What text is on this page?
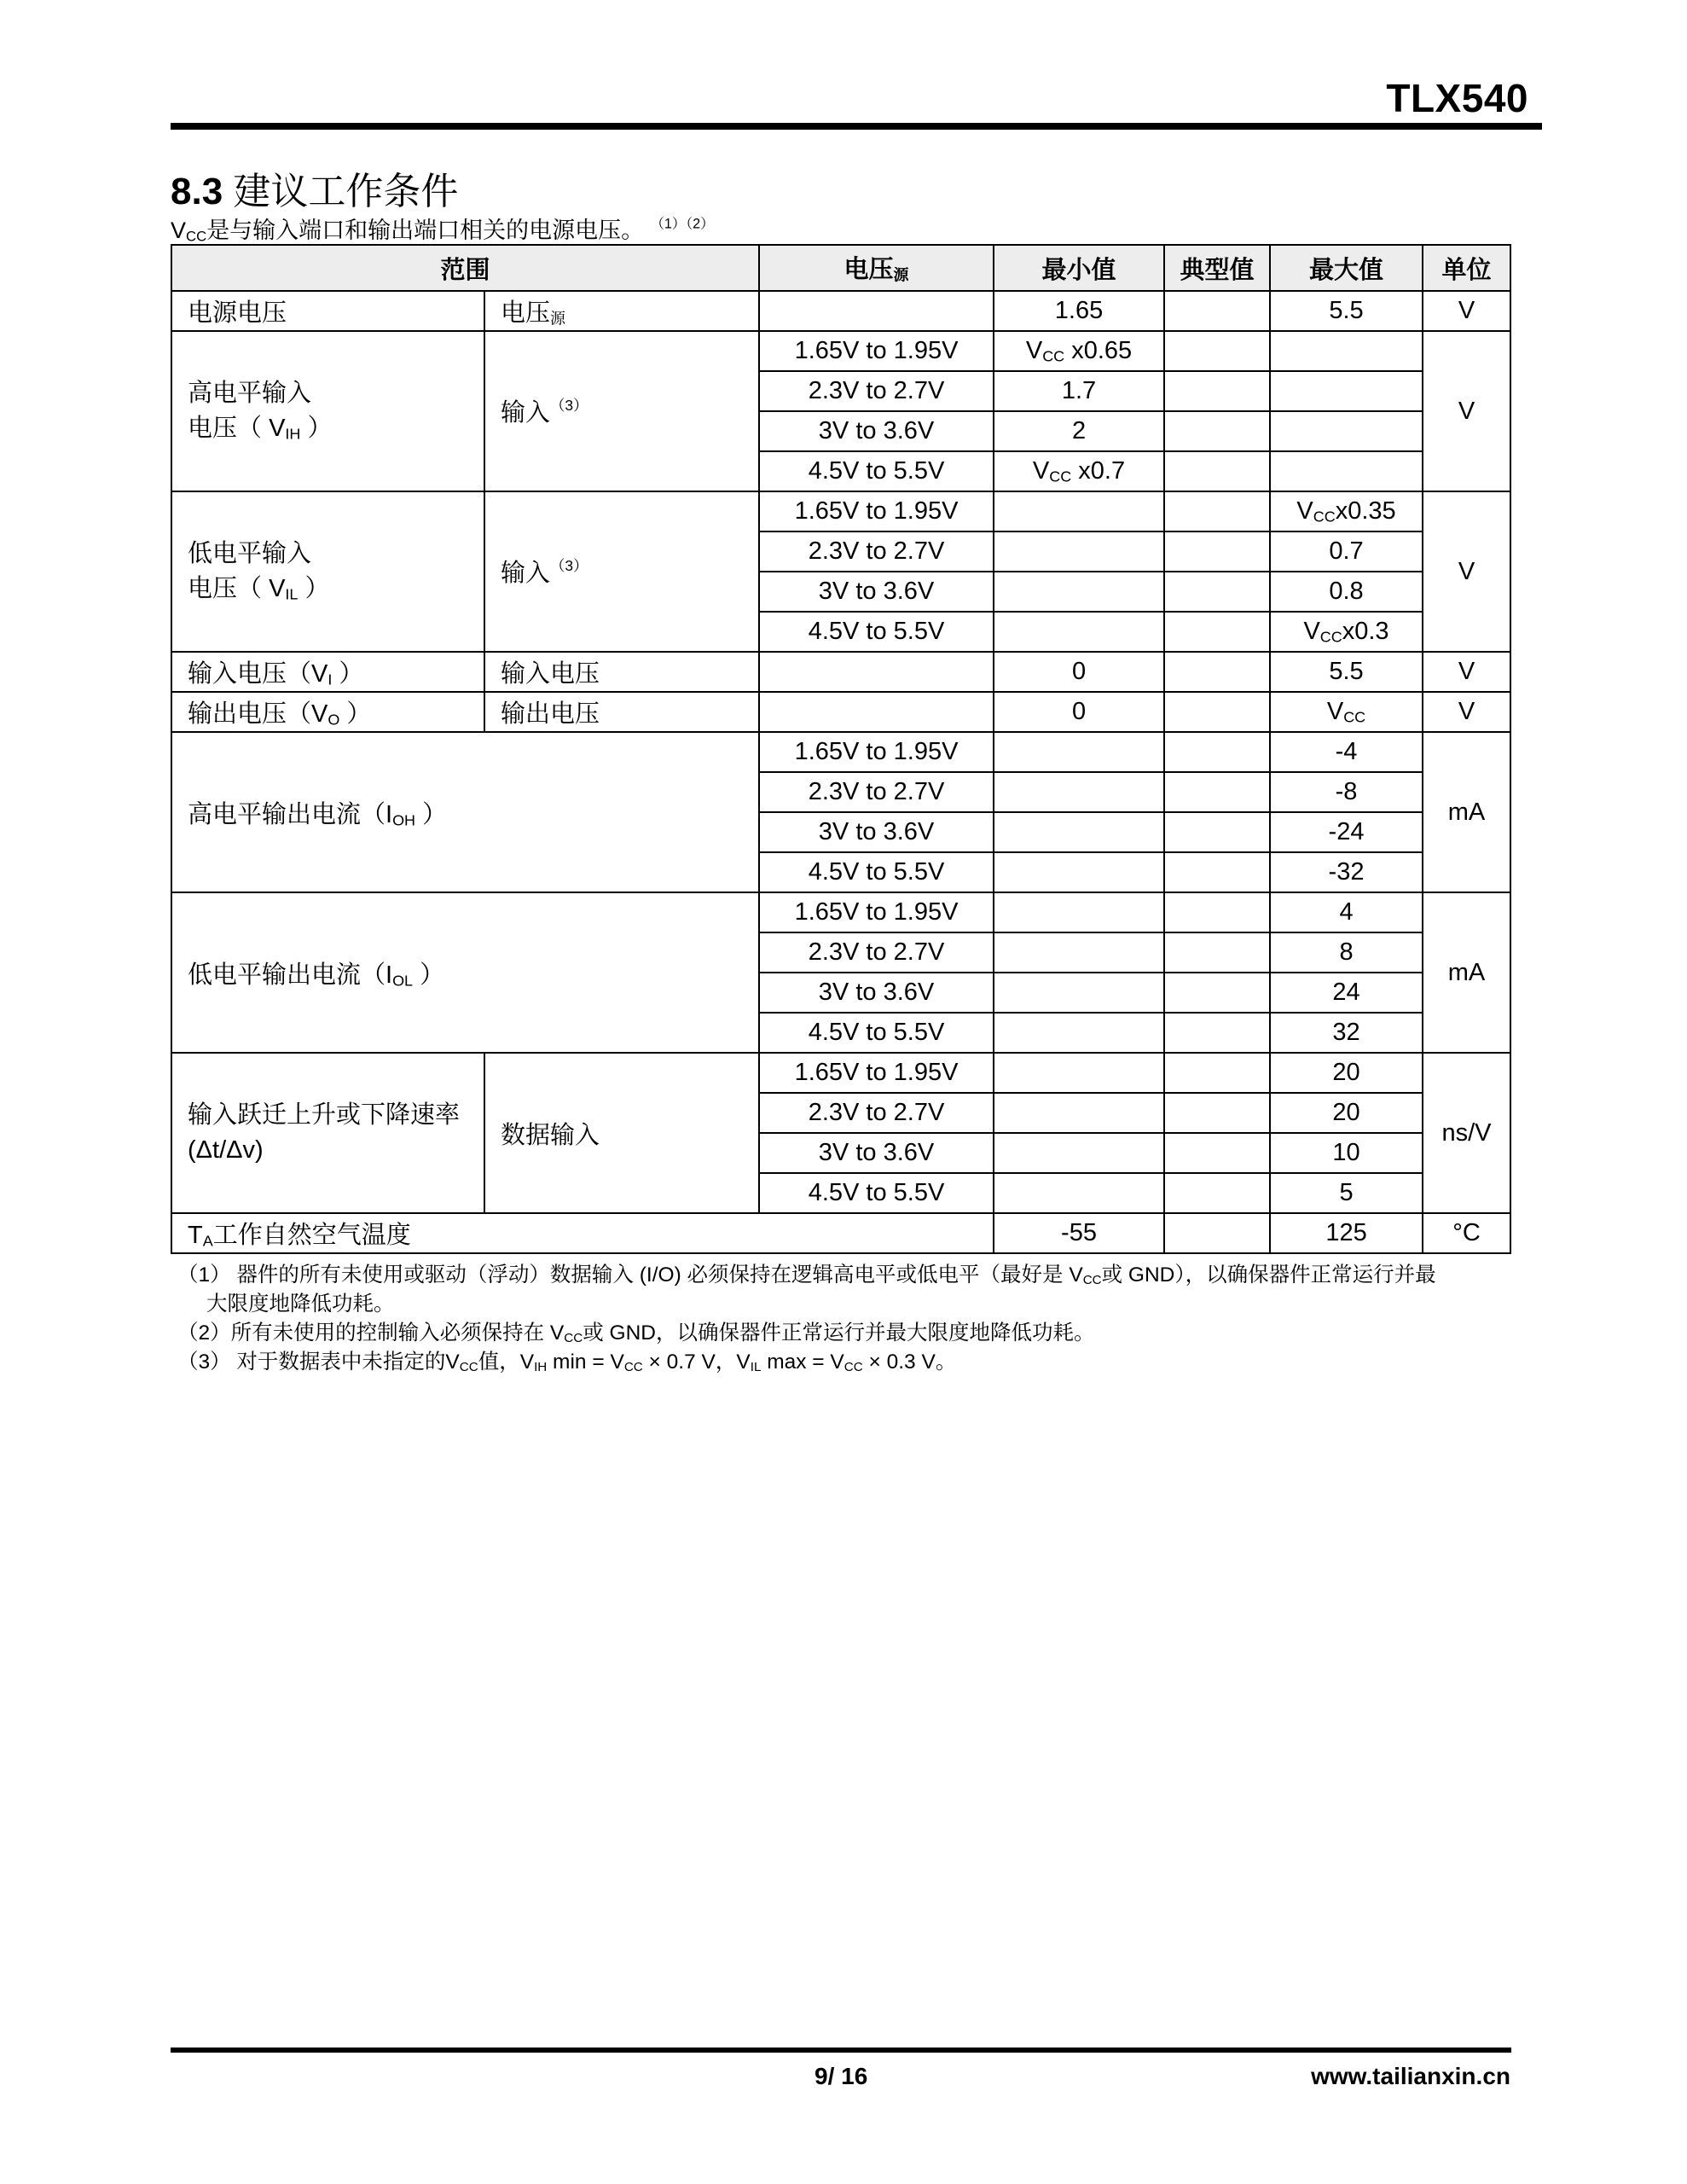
TLX540
8.3 建议工作条件
$V_{CC}$是与输入端口和输出端口相关的电源电压。 $^{(1)(2)}$
范围		电压$_源$	最小值	典型值	最大值	单位
电源电压	电压$_源$		1.65		5.5	V
高电平输入
电压（ $V_{IH}$ ）	输入$^{(3)}$	1.65V to 1.95V	$V_{CC}$ x0.65			V
		2.3V to 2.7V	1.7			
		3V to 3.6V	2			
		4.5V to 5.5V	$V_{CC}$ x0.7			
低电平输入
电压（ $V_{IL}$ ）	输入$^{(3)}$	1.65V to 1.95V			$V_{CC}x0.35$	V
		2.3V to 2.7V			0.7	
		3V to 3.6V			0.8	
		4.5V to 5.5V			$V_{CC}x0.3$	
输入电压（$V_I$ ）	输入电压		0		5.5	V
输出电压（$V_O$ ）	输出电压		0		$V_{CC}$	V
高电平输出电流（$I_{OH}$ ）		1.65V to 1.95V			-4	mA
		2.3V to 2.7V			-8	
		3V to 3.6V			-24	
		4.5V to 5.5V			-32	
低电平输出电流（$I_{OL}$ ）		1.65V to 1.95V			4	mA
		2.3V to 2.7V			8	
		3V to 3.6V			24	
		4.5V to 5.5V			32	
输入跃迁上升或下降速率
(Δt/Δv)	数据输入	1.65V to 1.95V			20	ns/V
		2.3V to 2.7V			20	
		3V to 3.6V			10	
		4.5V to 5.5V			5	
$T_A$工作自然空气温度			-55		125	°C
（1） 器件的所有未使用或驱动（浮动）数据输入 (I/O) 必须保持在逻辑高电平或低电平（最好是 $V_{CC}$或 GND），以确保器件正常运行并最
大限度地降低功耗。
（2）所有未使用的控制输入必须保持在 $V_{CC}$或 GND，以确保器件正常运行并最大限度地降低功耗。
（3） 对于数据表中未指定的$V_{CC}$值，$V_{IH}$ $\min = V_{CC} \times 0.7$ V，$V_{IL}$ $\max = V_{CC} \times 0.3$ V。
9/ 16	www.tailianxin.cn
